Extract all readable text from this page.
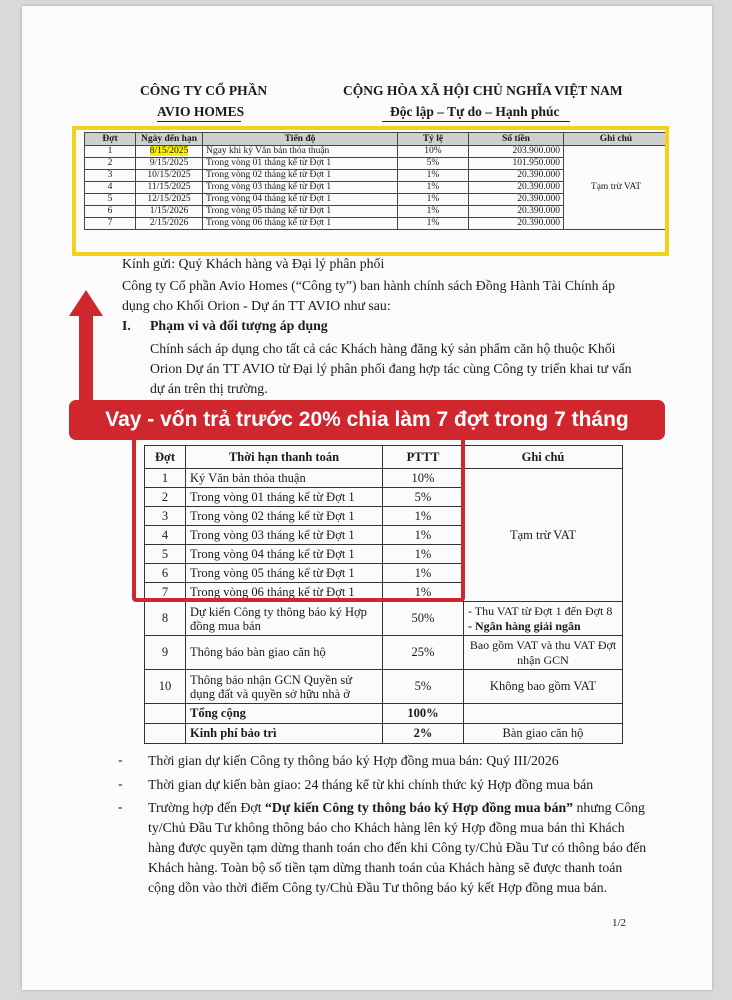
CÔNG TY CỔ PHẦN
AVIO HOMES
CỘNG HÒA XÃ HỘI CHỦ NGHĨA VIỆT NAM
Độc lập – Tự do – Hạnh phúc
Đợt	Ngày đến hạn	Tiến độ	Tỷ lệ	Số tiền	Ghi chú
1	8/15/2025	Ngay khi ký Văn bản thỏa thuận	10%	203.900.000	Tạm trừ VAT
2	9/15/2025	Trong vòng 01 tháng kể từ Đợt 1	5%	101.950.000	
3	10/15/2025	Trong vòng 02 tháng kể từ Đợt 1	1%	20.390.000	
4	11/15/2025	Trong vòng 03 tháng kể từ Đợt 1	1%	20.390.000	
5	12/15/2025	Trong vòng 04 tháng kể từ Đợt 1	1%	20.390.000	
6	1/15/2026	Trong vòng 05 tháng kể từ Đợt 1	1%	20.390.000	
7	2/15/2026	Trong vòng 06 tháng kể từ Đợt 1	1%	20.390.000	
Kính gửi: Quý Khách hàng và Đại lý phân phối
Công ty Cổ phần Avio Homes (“Công ty”) ban hành chính sách Đồng Hành Tài Chính áp dụng cho Khối Orion - Dự án TT AVIO như sau:
I. Phạm vi và đối tượng áp dụng
Chính sách áp dụng cho tất cả các Khách hàng đăng ký sản phẩm căn hộ thuộc Khối Orion Dự án TT AVIO từ Đại lý phân phối đang hợp tác cùng Công ty triển khai tư vấn dự án trên thị trường.
Vay - vốn trả trước 20% chia làm 7 đợt trong 7 tháng
Đợt	Thời hạn thanh toán	PTTT	Ghi chú
1	Ký Văn bản thỏa thuận	10%	Tạm trừ VAT
2	Trong vòng 01 tháng kể từ Đợt 1	5%	
3	Trong vòng 02 tháng kể từ Đợt 1	1%	
4	Trong vòng 03 tháng kể từ Đợt 1	1%	
5	Trong vòng 04 tháng kể từ Đợt 1	1%	
6	Trong vòng 05 tháng kể từ Đợt 1	1%	
7	Trong vòng 06 tháng kể từ Đợt 1	1%	
8	Dự kiến Công ty thông báo ký Hợp đồng mua bán	50%	- Thu VAT từ Đợt 1 đến Đợt 8
- Ngân hàng giải ngân

9	Thông báo bàn giao căn hộ	25%	Bao gồm VAT và thu VAT Đợt nhận GCN
10	Thông báo nhận GCN Quyền sử dụng đất và quyền sở hữu nhà ở	5%	Không bao gồm VAT
	Tổng cộng	100%	
	Kinh phí bảo trì	2%	Bàn giao căn hộ
- Thời gian dự kiến Công ty thông báo ký Hợp đồng mua bán: Quý III/2026
- Thời gian dự kiến bàn giao: 24 tháng kể từ khi chính thức ký Hợp đồng mua bán
- Trường hợp đến Đợt “Dự kiến Công ty thông báo ký Hợp đồng mua bán” nhưng Công ty/Chủ Đầu Tư không thông báo cho Khách hàng lên ký Hợp đồng mua bán thì Khách hàng được quyền tạm dừng thanh toán cho đến khi Công ty/Chủ Đầu Tư có thông báo đến Khách hàng. Toàn bộ số tiền tạm dừng thanh toán của Khách hàng sẽ được thanh toán cộng dồn vào thời điểm Công ty/Chủ Đầu Tư thông báo ký kết Hợp đồng mua bán.
1/2
